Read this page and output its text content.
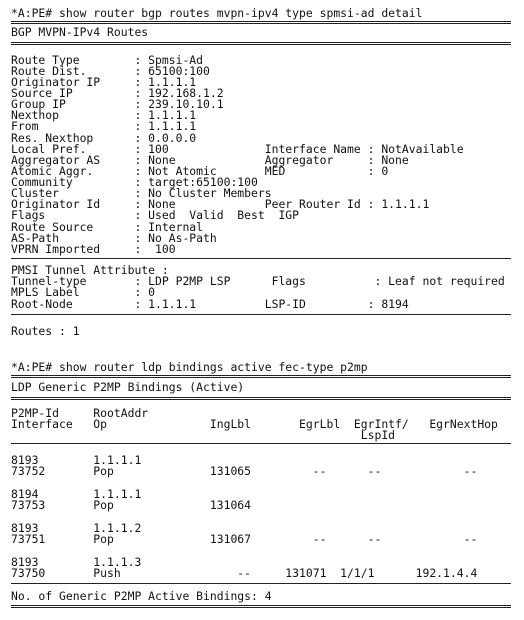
*A:PE# show router bgp routes mvpn-ipv4 type spmsi-ad detail
BGP MVPN-IPv4 Routes
Route Type        : Spmsi-Ad
Route Dist.       : 65100:100
Originator IP     : 1.1.1.1
Source IP         : 192.168.1.2
Group IP          : 239.10.10.1
Nexthop           : 1.1.1.1
From              : 1.1.1.1
Res. Nexthop      : 0.0.0.0
Local Pref.       : 100              Interface Name : NotAvailable
Aggregator AS     : None             Aggregator     : None
Atomic Aggr.      : Not Atomic       MED            : 0
Community         : target:65100:100
Cluster           : No Cluster Members
Originator Id     : None             Peer Router Id : 1.1.1.1
Flags             : Used  Valid  Best  IGP
Route Source      : Internal
AS-Path           : No As-Path
VPRN Imported     :  100
PMSI Tunnel Attribute :
Tunnel-type       : LDP P2MP LSP      Flags          : Leaf not required
MPLS Label        : 0
Root-Node         : 1.1.1.1          LSP-ID         : 8194
Routes : 1
*A:PE# show router ldp bindings active fec-type p2mp
LDP Generic P2MP Bindings (Active)
P2MP-Id     RootAddr
Interface   Op               IngLbl       EgrLbl  EgrIntf/   EgrNextHop
LspId
8193        1.1.1.1
73752       Pop              131065         --      --            --
8194        1.1.1.1
73753       Pop              131064
8193        1.1.1.2
73751       Pop              131067         --      --            --
8193        1.1.1.3
73750       Push                 --     131071  1/1/1      192.1.4.4
No. of Generic P2MP Active Bindings: 4
